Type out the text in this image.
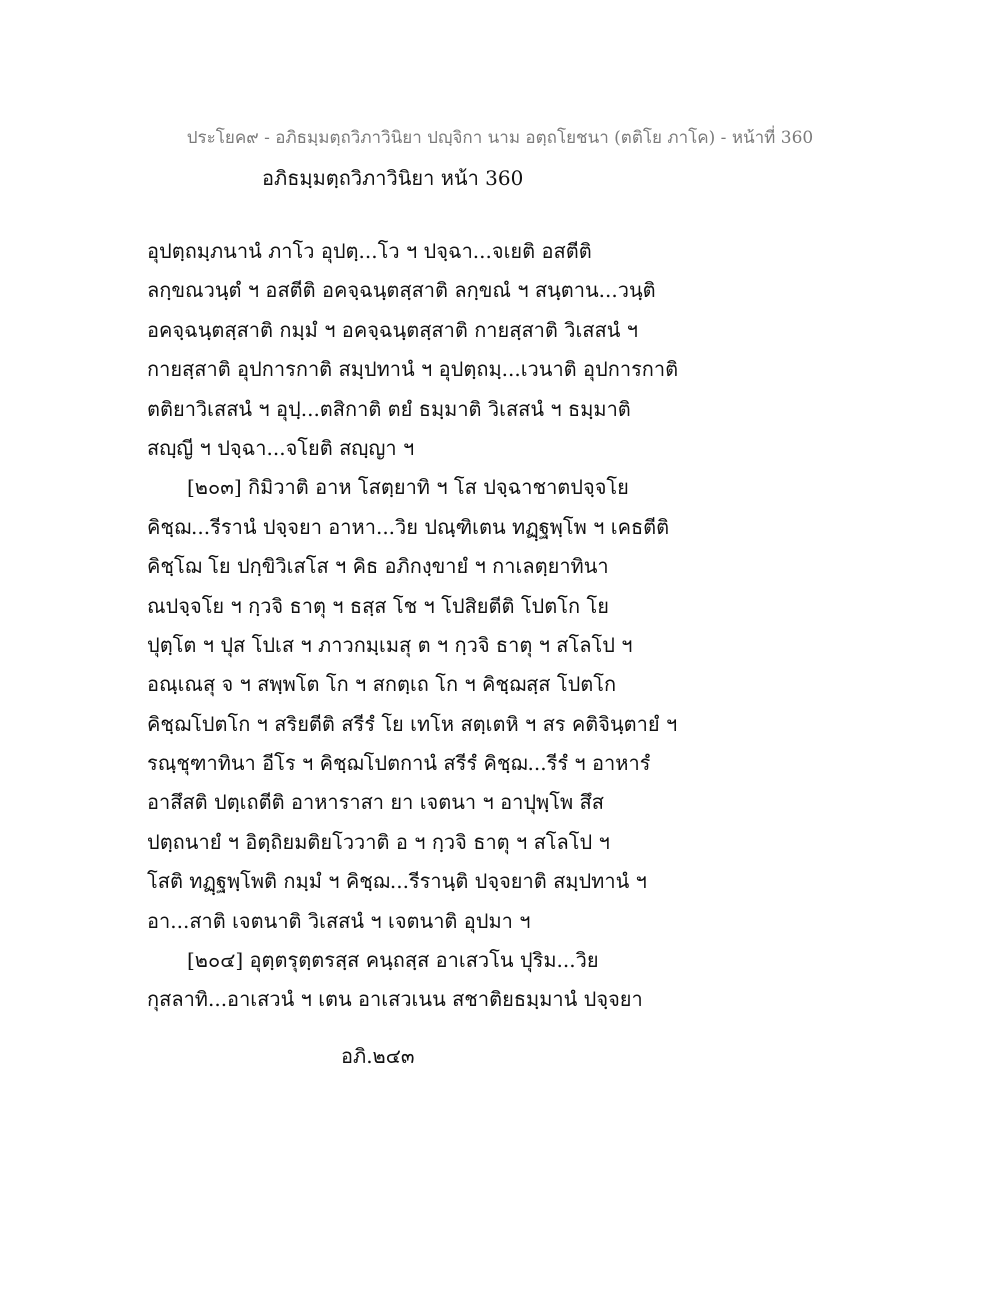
ประโยค๙ - อภิธมฺมตฺถวิภาวินิยา ปญฺจิกา นาม อตฺถโยชนา (ตติโย ภาโค) - หน้าที่ 360
อภิธมฺมตฺถวิภาวินิยา หน้า 360
อุปตฺถมฺภนานํ ภาโว อุปตฺ...โว ฯ ปจฺฉา...จเยติ อสตีติ
ลกฺขณวนฺตํ ฯ อสตีติ อคจฺฉนฺตสฺสาติ ลกฺขณํ ฯ สนฺตาน...วนฺติ
อคจฺฉนฺตสฺสาติ กมฺมํ ฯ อคจฺฉนฺตสฺสาติ กายสฺสาติ วิเสสนํ ฯ
กายสฺสาติ อุปการกาติ สมฺปทานํ ฯ อุปตฺถมฺ...เวนาติ อุปการกาติ
ตติยาวิเสสนํ ฯ อุปฺ...ตสิกาติ ตยํ ธมฺมาติ วิเสสนํ ฯ ธมฺมาติ
สญฺญี ฯ ปจฺฉา...จโยติ สญฺญา ฯ
[๒๐๓] กิมิวาติ อาห โสตฺยาทิ ฯ โส ปจฺฉาชาตปจฺจโย
คิชฺฌ...รีรานํ ปจฺจยา อาหา...วิย ปณฺฑิเตน ทฏฺฐพฺโพ ฯ เคธตีติ
คิชฺโฌ โย ปกฺขิวิเสโส ฯ คิธ อภิกงฺขายํ ฯ กาเลตฺยาทินา
ณปจฺจโย ฯ กฺวจิ ธาตุ ฯ ธสฺส โช ฯ โปสิยตีติ โปตโก โย
ปุตฺโต ฯ ปุส โปเส ฯ ภาวกมฺเมสุ ต ฯ กฺวจิ ธาตุ ฯ สโลโป ฯ
อณฺเณสุ จ ฯ สพฺพโต โก ฯ สกตฺเถ โก ฯ คิชฺฌสฺส โปตโก
คิชฺฌโปตโก ฯ สริยตีติ สรีรํ โย เทโห สตฺเตหิ ฯ สร คติจินฺตายํ ฯ
รณฺชุฑาทินา อีโร ฯ คิชฺฌโปตกานํ สรีรํ คิชฺฌ...รีรํ ฯ อาหารํ
อาสึสติ ปตฺเถตีติ อาหาราสา ยา เจตนา ฯ อาปุพฺโพ สึส
ปตฺถนายํ ฯ อิตฺถิยมติยโววาติ อ ฯ กฺวจิ ธาตุ ฯ สโลโป ฯ
โสติ ทฏฺฐพฺโพติ กมฺมํ ฯ คิชฺฌ...รีรานฺติ ปจฺจยาติ สมฺปทานํ ฯ
อา...สาติ เจตนาติ วิเสสนํ ฯ เจตนาติ อุปมา ฯ
[๒๐๔] อุตฺตรุตฺตรสฺส คนฺถสฺส อาเสวโน ปุริม...วิย
กุสลาทิ...อาเสวนํ ฯ เตน อาเสวเนน สชาติยธมฺมานํ ปจฺจยา
อภิ.๒๔๓
